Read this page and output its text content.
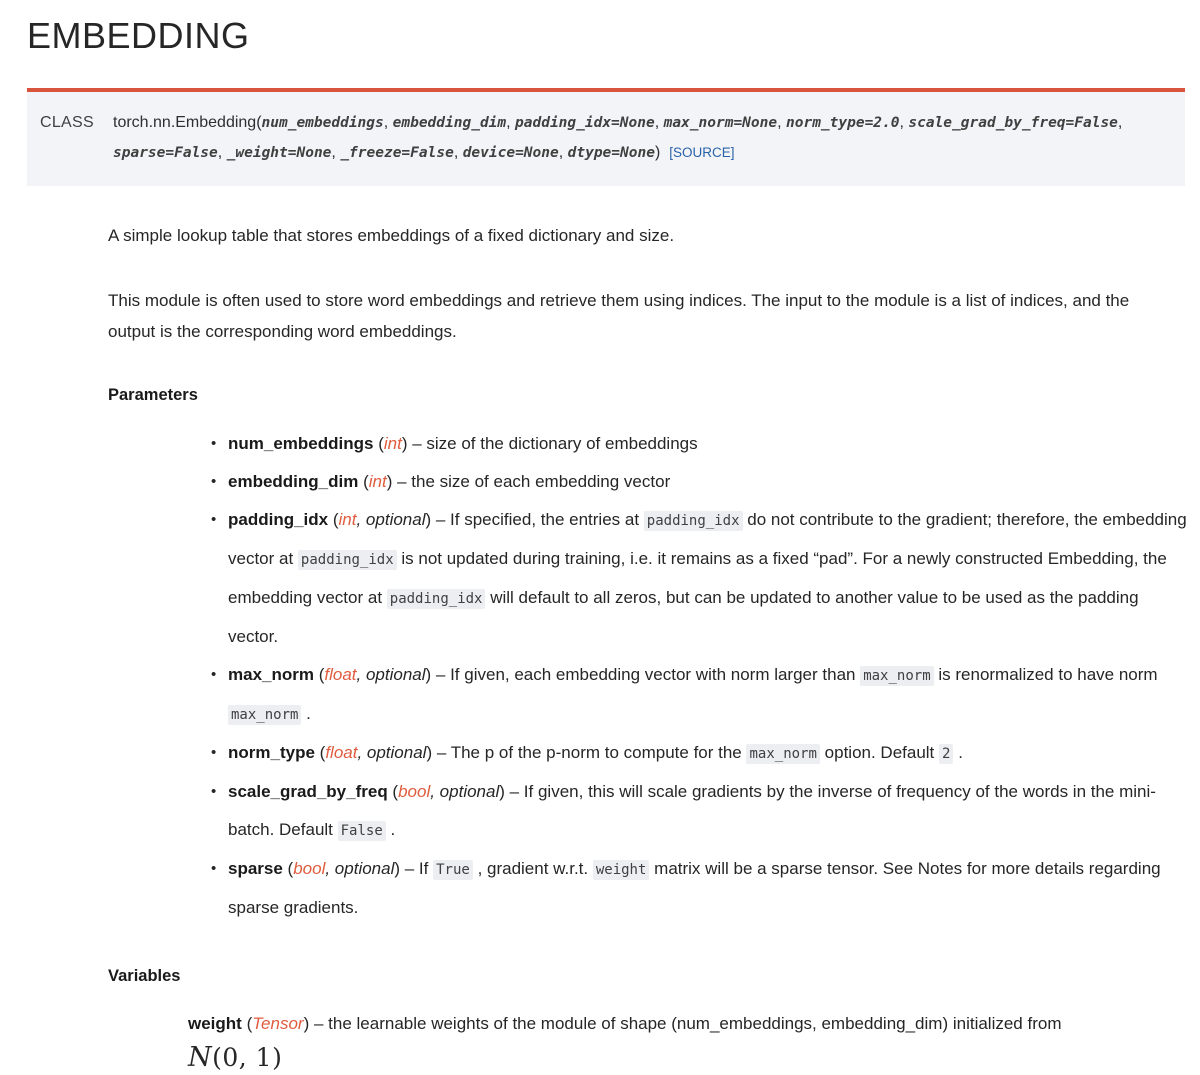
EMBEDDING
CLASS	torch.nn.Embedding(num_embeddings, embedding_dim, padding_idx=None, max_norm=None, norm_type=2.0, scale_grad_by_freq=False, sparse=False, _weight=None, _freeze=False, device=None, dtype=None) [SOURCE]

A simple lookup table that stores embeddings of a fixed dictionary and size.

This module is often used to store word embeddings and retrieve them using indices. The input to the module is a list of indices, and the output is the corresponding word embeddings.

Parameters
• num_embeddings (int) – size of the dictionary of embeddings
• embedding_dim (int) – the size of each embedding vector
• padding_idx (int, optional) – If specified, the entries at padding_idx do not contribute to the gradient; therefore, the embedding vector at padding_idx is not updated during training, i.e. it remains as a fixed “pad”. For a newly constructed Embedding, the embedding vector at padding_idx will default to all zeros, but can be updated to another value to be used as the padding vector.
• max_norm (float, optional) – If given, each embedding vector with norm larger than max_norm is renormalized to have norm max_norm .
• norm_type (float, optional) – The p of the p-norm to compute for the max_norm option. Default 2 .
• scale_grad_by_freq (bool, optional) – If given, this will scale gradients by the inverse of frequency of the words in the mini-batch. Default False .
• sparse (bool, optional) – If True , gradient w.r.t. weight matrix will be a sparse tensor. See Notes for more details regarding sparse gradients.
Variables
weight (Tensor) – the learnable weights of the module of shape (num_embeddings, embedding_dim) initialized from
N(0, 1)
